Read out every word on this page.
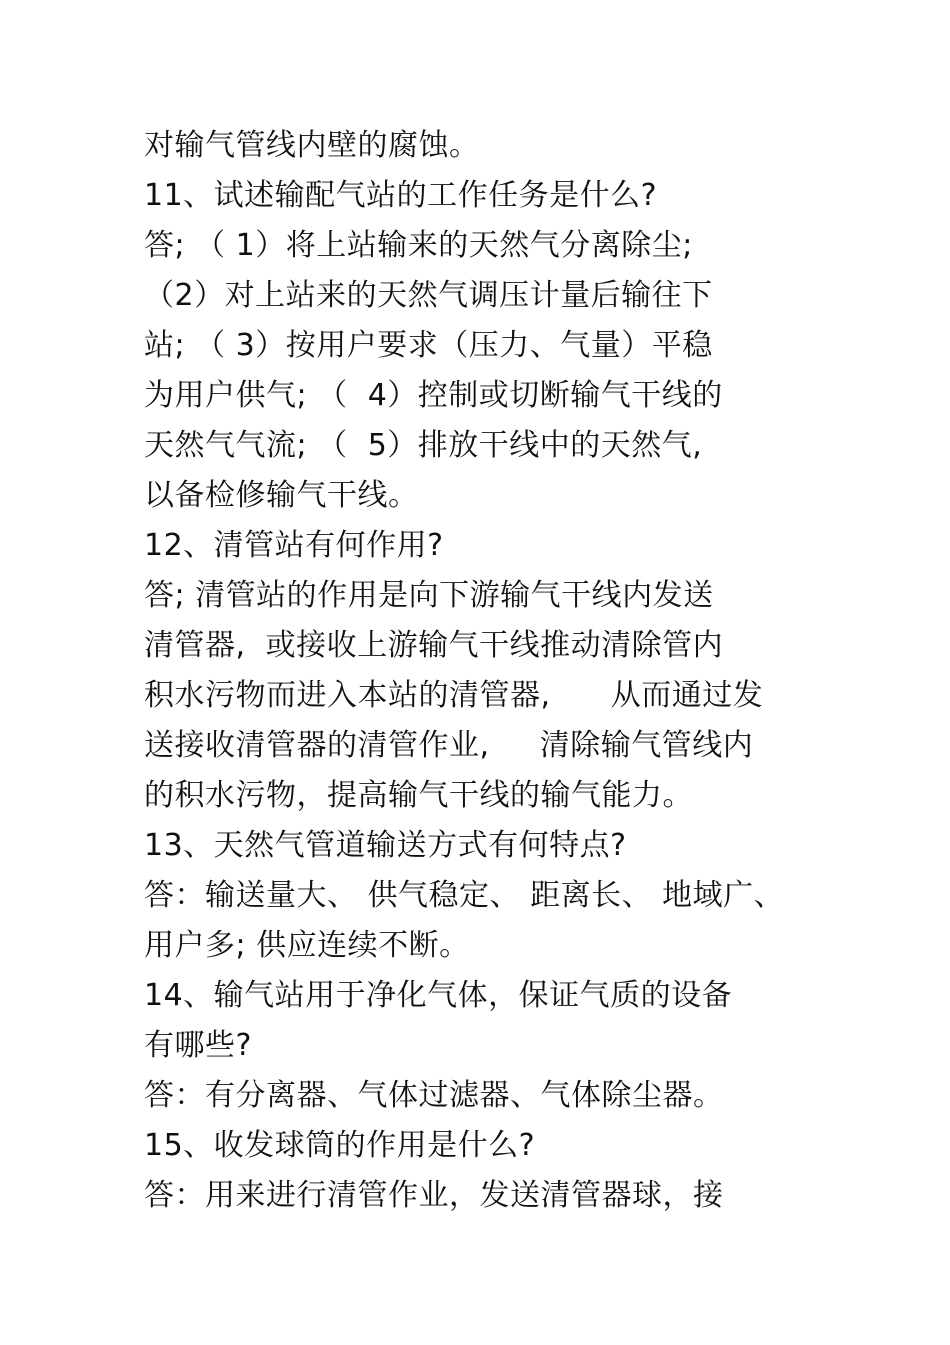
对输气管线内壁的腐蚀。
11、试述输配气站的工作任务是什么?
答; （ 1）将上站输来的天然气分离除尘;
（2）对上站来的天然气调压计量后输往下
站; （ 3）按用户要求（压力、气量）平稳
为用户供气; （  4）控制或切断输气干线的
天然气气流; （  5）排放干线中的天然气,
以备检修输气干线。
12、清管站有何作用?
答; 清管站的作用是向下游输气干线内发送
清管器,  或接收上游输气干线推动清除管内
积水污物而进入本站的清管器,      从而通过发
送接收清管器的清管作业,     清除输气管线内
的积水污物，提高输气干线的输气能力。
13、天然气管道输送方式有何特点?
答：输送量大、 供气稳定、 距离长、 地域广、
用户多; 供应连续不断。
14、输气站用于净化气体，保证气质的设备
有哪些?
答：有分离器、气体过滤器、气体除尘器。
15、收发球筒的作用是什么?
答：用来进行清管作业，发送清管器球，接
